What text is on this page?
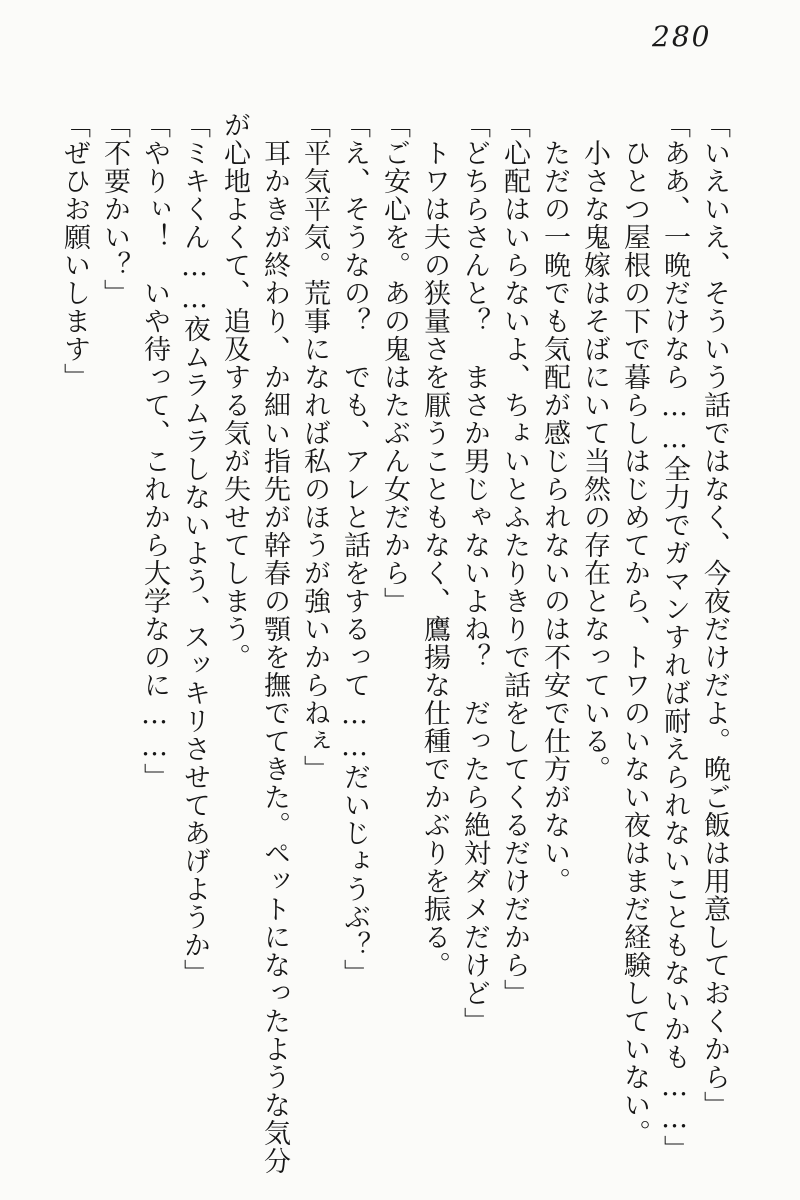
280

「いえいえ、そういう話ではなく、今夜だけだよ。晩ご飯は用意しておくから」

「ああ、一晩だけなら……全力でガマンすれば耐えられないこともないかも……」

　ひとつ屋根の下で暮らしはじめてから、トワのいない夜はまだ経験していない。

　小さな鬼嫁はそばにいて当然の存在となっている。

　ただの一晩でも気配が感じられないのは不安で仕方がない。

「心配はいらないよ、ちょいとふたりきりで話をしてくるだけだから」

「どちらさんと？　まさか男じゃないよね？　だったら絶対ダメだけど」

　トワは夫の狭量さを厭うこともなく、鷹揚な仕種でかぶりを振る。

「ご安心を。あの鬼はたぶん女だから」

「え、そうなの？　でも、アレと話をするって……だいじょうぶ？」

「平気平気。荒事になれば私のほうが強いからねぇ」

　耳かきが終わり、か細い指先が幹春の顎を撫でてきた。ペットになったような気分が心地よくて、追及する気が失せてしまう。

「ミキくん……夜ムラムラしないよう、スッキリさせてあげようか」

「やりぃ！　いや待って、これから大学なのに……」

「不要かい？」

「ぜひお願いします」
